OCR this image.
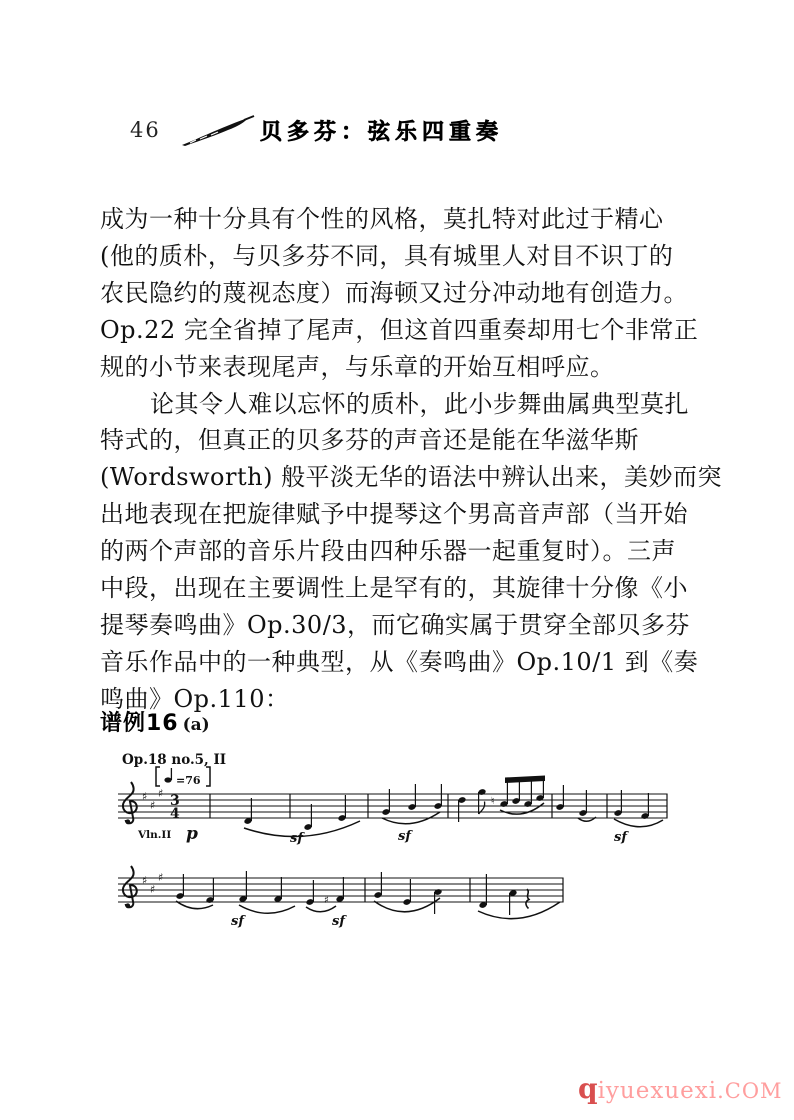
46	贝多芬：弦乐四重奏
成为一种十分具有个性的风格，莫扎特对此过于精心
(他的质朴，与贝多芬不同，具有城里人对目不识丁的
农民隐约的蔑视态度）而海顿又过分冲动地有创造力。
Op.22 完全省掉了尾声，但这首四重奏却用七个非常正
规的小节来表现尾声，与乐章的开始互相呼应。
论其令人难以忘怀的质朴，此小步舞曲属典型莫扎
特式的，但真正的贝多芬的声音还是能在华滋华斯
(Wordsworth) 般平淡无华的语法中辨认出来，美妙而突
出地表现在把旋律赋予中提琴这个男高音声部（当开始
的两个声部的音乐片段由四种乐器一起重复时）。三声
中段，出现在主要调性上是罕有的，其旋律十分像《小
提琴奏鸣曲》Op.30/3，而它确实属于贯穿全部贝多芬
音乐作品中的一种典型，从《奏鸣曲》Op.10/1 到《奏
鸣曲》Op.110：
谱例16 (a)
Op.18 no.5, II
=76
♯
♯
♯ 3
4
Vln.II p
♮
sf	sf	sf
♯
♯
♯
♯
sf	sf
qiyuexuexi.COM
